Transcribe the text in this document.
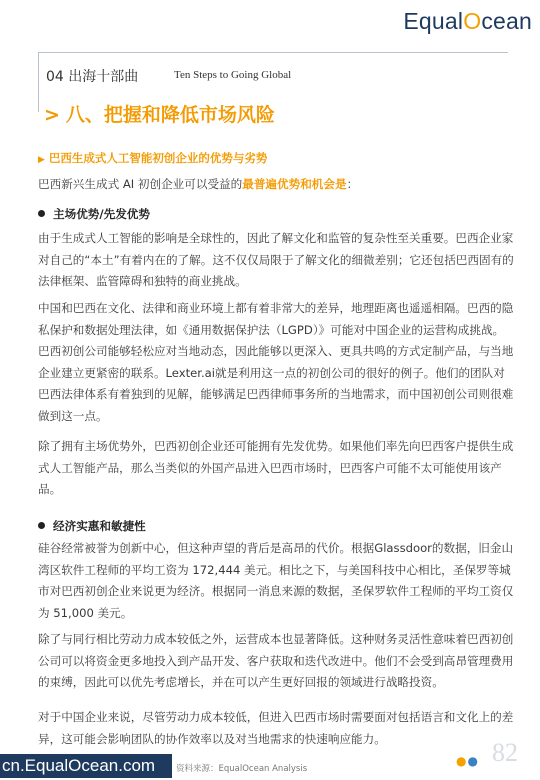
EqualOcean
04 出海十部曲	Ten Steps to Going Global
> 八、把握和降低市场风险
▶ 巴西生成式人工智能初创企业的优势与劣势
巴西新兴生成式 AI 初创企业可以受益的最普遍优势和机会是：
主场优势/先发优势
由于生成式人工智能的影响是全球性的，因此了解文化和监管的复杂性至关重要。巴西企业家对自己的“本土”有着内在的了解。这不仅仅局限于了解文化的细微差别；它还包括巴西固有的法律框架、监管障碍和独特的商业挑战。
中国和巴西在文化、法律和商业环境上都有着非常大的差异，地理距离也遥遥相隔。巴西的隐私保护和数据处理法律，如《通用数据保护法（LGPD）》可能对中国企业的运营构成挑战。巴西初创公司能够轻松应对当地动态，因此能够以更深入、更具共鸣的方式定制产品，与当地企业建立更紧密的联系。Lexter.ai就是利用这一点的初创公司的很好的例子。他们的团队对巴西法律体系有着独到的见解，能够满足巴西律师事务所的当地需求，而中国初创公司则很难做到这一点。
除了拥有主场优势外，巴西初创企业还可能拥有先发优势。如果他们率先向巴西客户提供生成式人工智能产品，那么当类似的外国产品进入巴西市场时，巴西客户可能不太可能使用该产品。
经济实惠和敏捷性
硅谷经常被誉为创新中心，但这种声望的背后是高昂的代价。根据Glassdoor的数据，旧金山湾区软件工程师的平均工资为 172,444 美元。相比之下，与美国科技中心相比，圣保罗等城市对巴西初创企业来说更为经济。根据同一消息来源的数据，圣保罗软件工程师的平均工资仅为 51,000 美元。
除了与同行相比劳动力成本较低之外，运营成本也显著降低。这种财务灵活性意味着巴西初创公司可以将资金更多地投入到产品开发、客户获取和迭代改进中。他们不会受到高昂管理费用的束缚，因此可以优先考虑增长，并在可以产生更好回报的领域进行战略投资。
对于中国企业来说，尽管劳动力成本较低，但进入巴西市场时需要面对包括语言和文化上的差异，这可能会影响团队的协作效率以及对当地需求的快速响应能力。
cn.EqualOcean.com	资料来源：EqualOcean Analysis
●● 82
